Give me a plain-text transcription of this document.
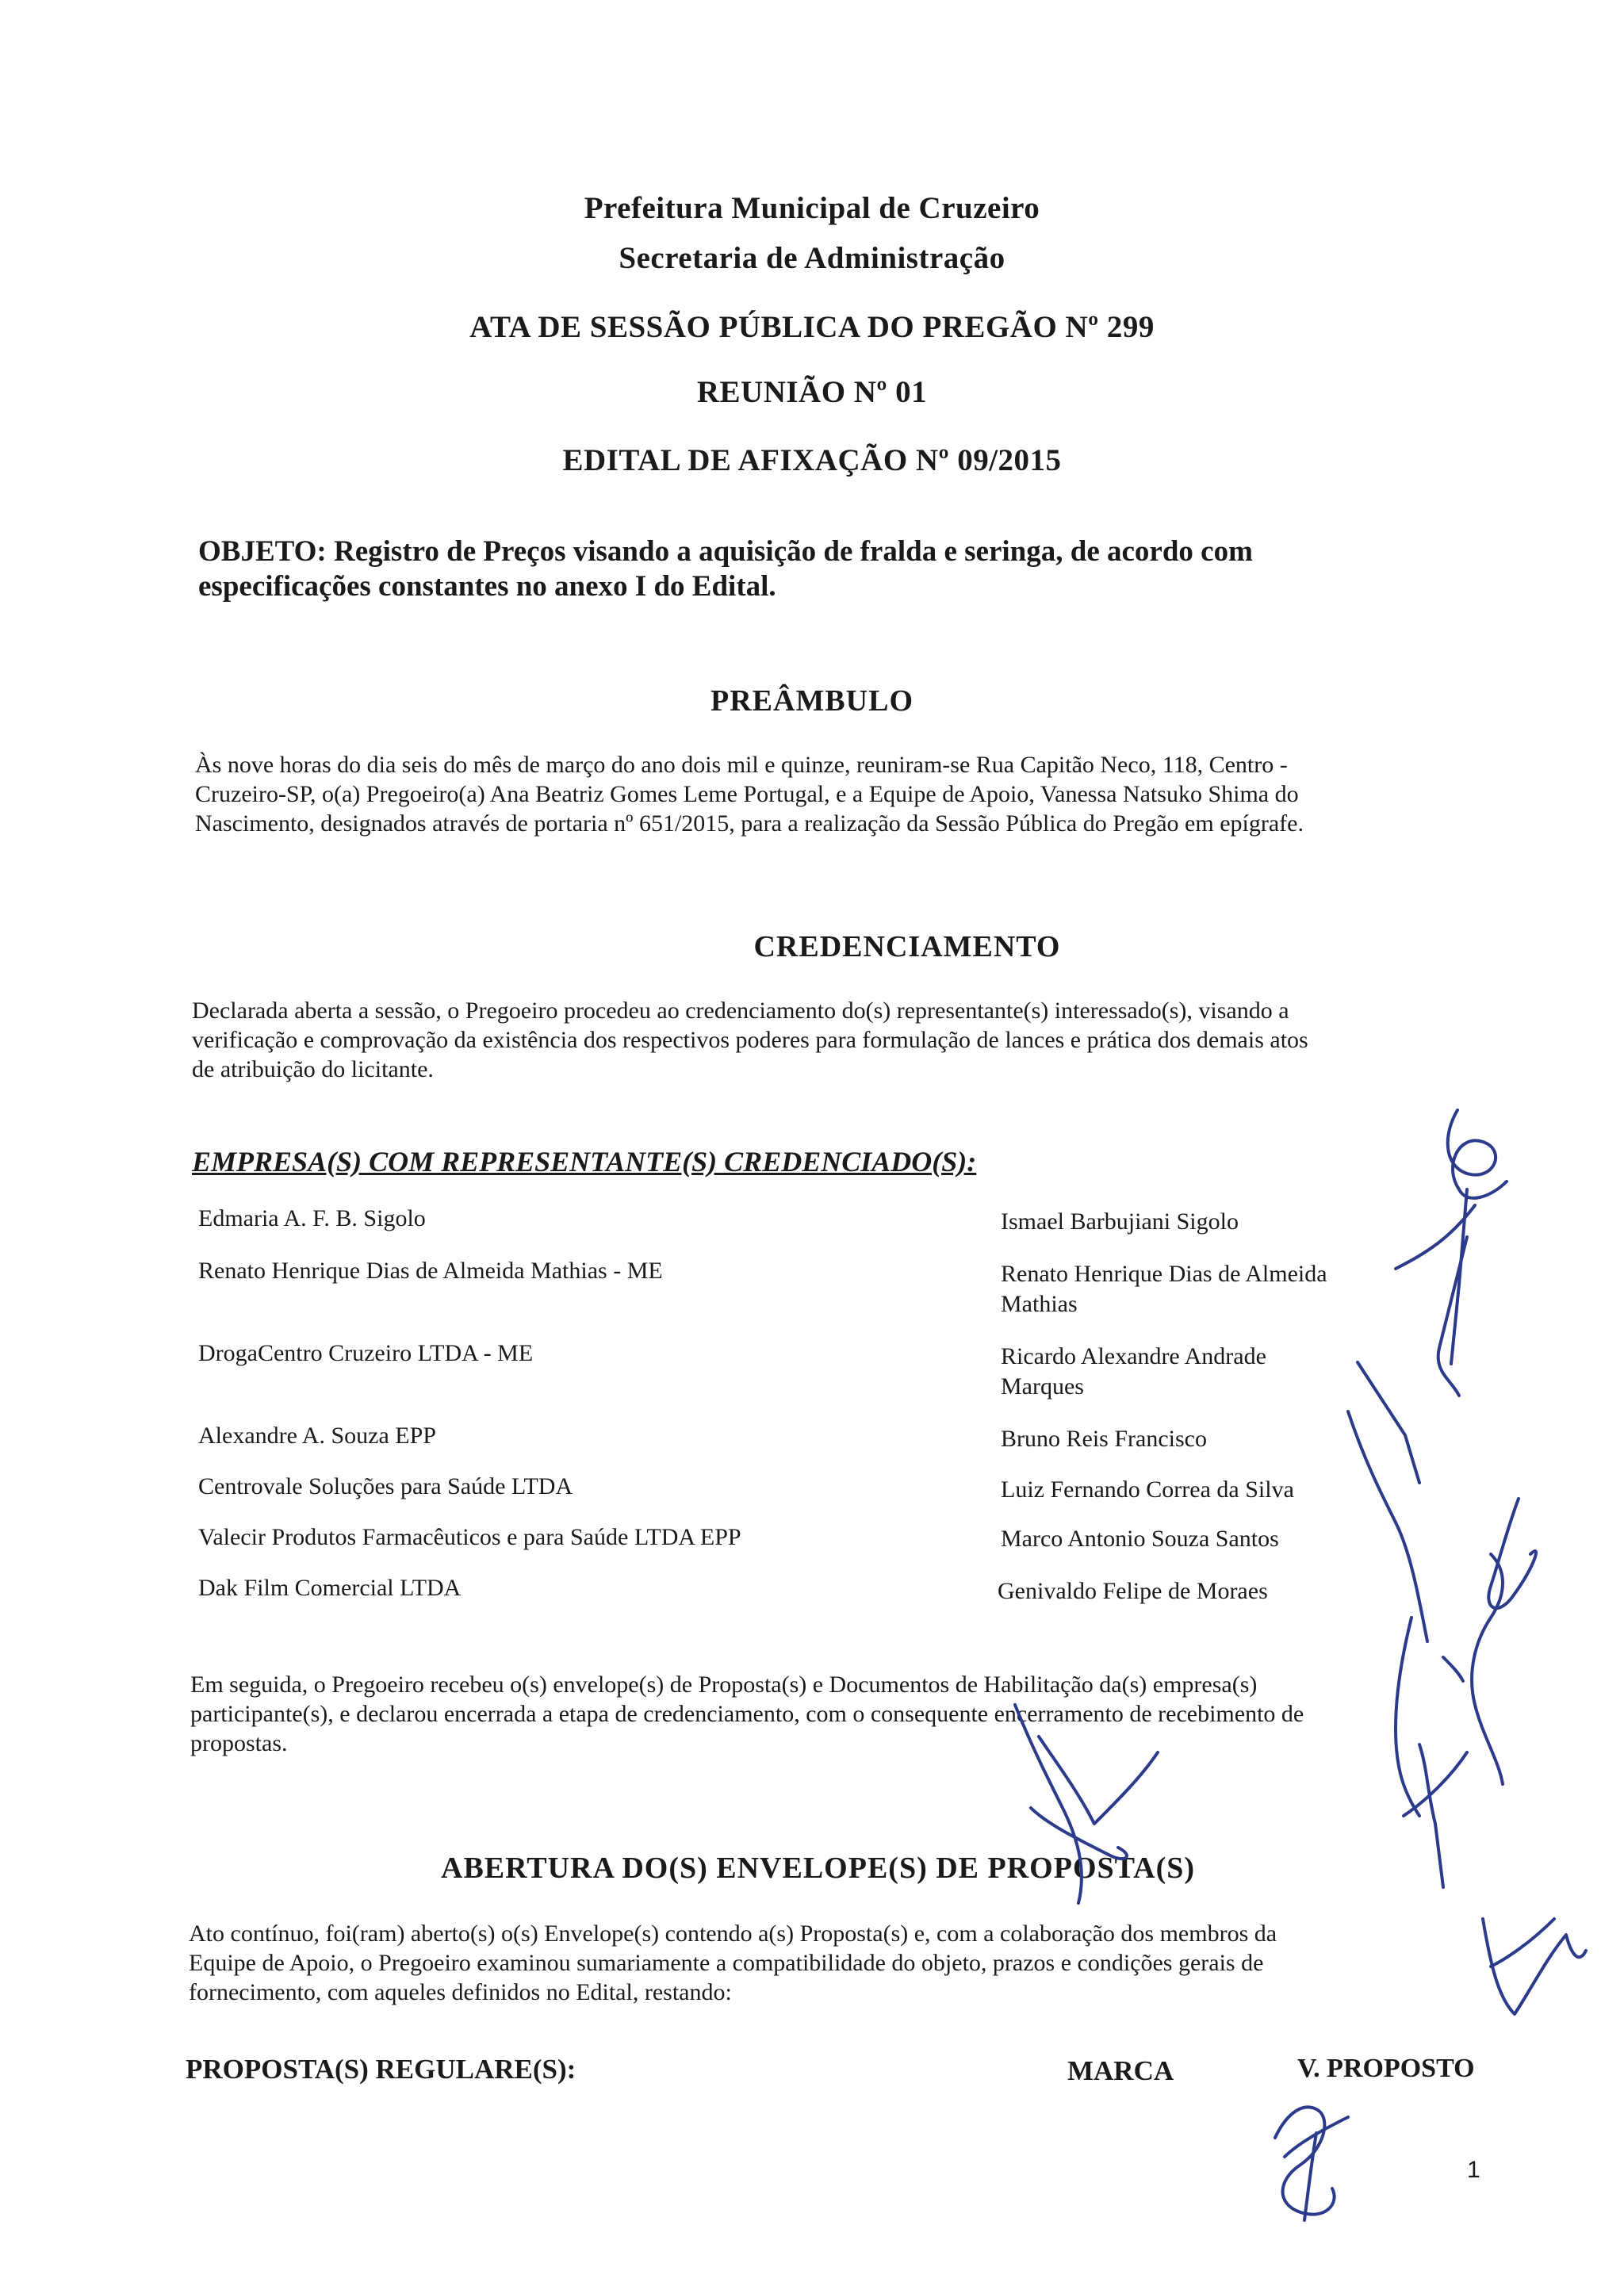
Prefeitura Municipal de Cruzeiro
Secretaria de Administração
ATA DE SESSÃO PÚBLICA DO PREGÃO Nº 299
REUNIÃO Nº 01
EDITAL DE AFIXAÇÃO Nº 09/2015
OBJETO: Registro de Preços visando a aquisição de fralda e seringa, de acordo com
especificações constantes no anexo I do Edital.
PREÂMBULO
Às nove horas do dia seis do mês de março do ano dois mil e quinze, reuniram-se Rua Capitão Neco, 118, Centro -
Cruzeiro-SP, o(a) Pregoeiro(a) Ana Beatriz Gomes Leme Portugal, e a Equipe de Apoio, Vanessa Natsuko Shima do
Nascimento, designados através de portaria nº 651/2015, para a realização da Sessão Pública do Pregão em epígrafe.
CREDENCIAMENTO
Declarada aberta a sessão, o Pregoeiro procedeu ao credenciamento do(s) representante(s) interessado(s), visando a
verificação e comprovação da existência dos respectivos poderes para formulação de lances e prática dos demais atos
de atribuição do licitante.
EMPRESA(S) COM REPRESENTANTE(S) CREDENCIADO(S):
Edmaria A. F. B. Sigolo	Ismael Barbujiani Sigolo
Renato Henrique Dias de Almeida Mathias - ME	Renato Henrique Dias de Almeida Mathias
DrogaCentro Cruzeiro LTDA - ME	Ricardo Alexandre Andrade Marques
Alexandre A. Souza EPP	Bruno Reis Francisco
Centrovale Soluções para Saúde LTDA	Luiz Fernando Correa da Silva
Valecir Produtos Farmacêuticos e para Saúde LTDA EPP	Marco Antonio Souza Santos
Dak Film Comercial LTDA	Genivaldo Felipe de Moraes
Em seguida, o Pregoeiro recebeu o(s) envelope(s) de Proposta(s) e Documentos de Habilitação da(s) empresa(s)
participante(s), e declarou encerrada a etapa de credenciamento, com o consequente encerramento de recebimento de
propostas.
ABERTURA DO(S) ENVELOPE(S) DE PROPOSTA(S)
Ato contínuo, foi(ram) aberto(s) o(s) Envelope(s) contendo a(s) Proposta(s) e, com a colaboração dos membros da
Equipe de Apoio, o Pregoeiro examinou sumariamente a compatibilidade do objeto, prazos e condições gerais de
fornecimento, com aqueles definidos no Edital, restando:
PROPOSTA(S) REGULARE(S):	MARCA	V. PROPOSTO
1
